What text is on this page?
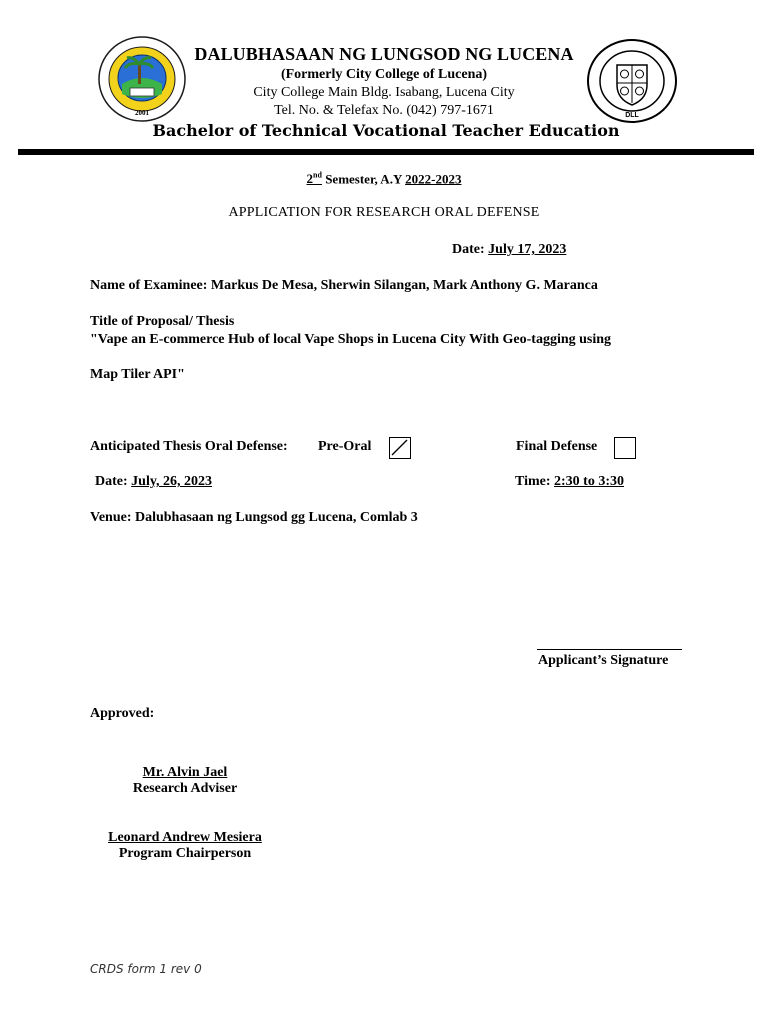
2001
DALUBHASAAN NG LUNGSOD NG LUCENA
(Formerly City College of Lucena)
City College Main Bldg. Isabang, Lucena City
Tel. No. & Telefax No. (042) 797-1671
Bachelor of Technical Vocational Teacher Education
DLL
2nd Semester, A.Y 2022-2023
APPLICATION FOR RESEARCH ORAL DEFENSE
Date: July 17, 2023
Name of Examinee: Markus De Mesa, Sherwin Silangan, Mark Anthony G. Maranca
Title of Proposal/ Thesis
"Vape an E-commerce Hub of local Vape Shops in Lucena City With Geo-tagging using
Map Tiler API"
Anticipated Thesis Oral Defense: Pre-Oral	Final Defense
Date: July, 26, 2023	Time: 2:30 to 3:30
Venue: Dalubhasaan ng Lungsod gg Lucena, Comlab 3
Applicant’s Signature
Approved:
Mr. Alvin Jael
Research Adviser
Leonard Andrew Mesiera
Program Chairperson
CRDS form 1 rev 0
